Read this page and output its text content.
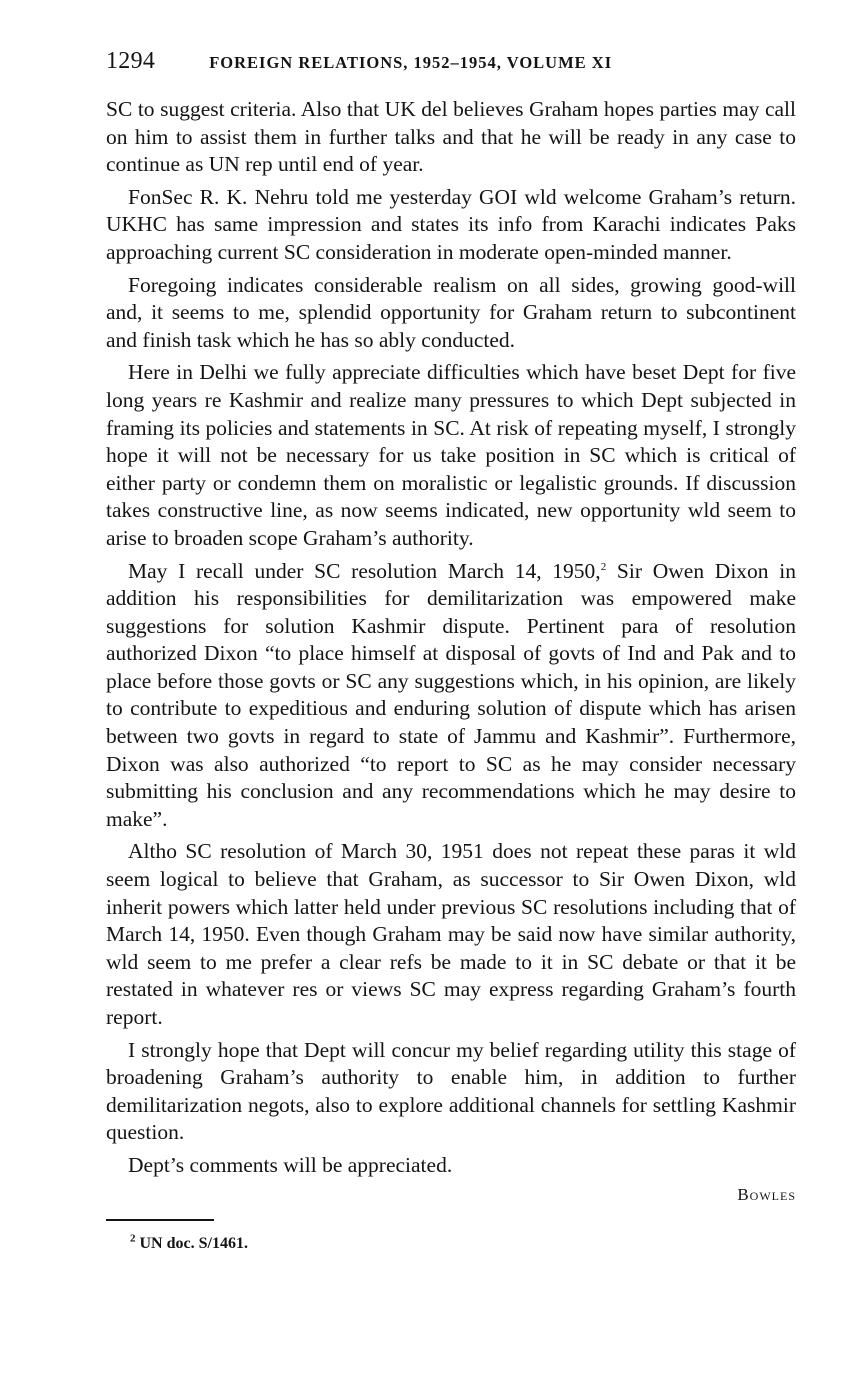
1294	FOREIGN RELATIONS, 1952–1954, VOLUME XI

SC to suggest criteria. Also that UK del believes Graham hopes parties may call on him to assist them in further talks and that he will be ready in any case to continue as UN rep until end of year.

FonSec R. K. Nehru told me yesterday GOI wld welcome Graham’s return. UKHC has same impression and states its info from Karachi indicates Paks approaching current SC consideration in moderate open-minded manner.

Foregoing indicates considerable realism on all sides, growing good-will and, it seems to me, splendid opportunity for Graham return to subcontinent and finish task which he has so ably conducted.

Here in Delhi we fully appreciate difficulties which have beset Dept for five long years re Kashmir and realize many pressures to which Dept subjected in framing its policies and statements in SC. At risk of repeating myself, I strongly hope it will not be necessary for us take position in SC which is critical of either party or condemn them on moralistic or legalistic grounds. If discussion takes constructive line, as now seems indicated, new opportunity wld seem to arise to broaden scope Graham’s authority.

May I recall under SC resolution March 14, 1950,$^2$ Sir Owen Dixon in addition his responsibilities for demilitarization was empowered make suggestions for solution Kashmir dispute. Pertinent para of resolution authorized Dixon “to place himself at disposal of govts of Ind and Pak and to place before those govts or SC any suggestions which, in his opinion, are likely to contribute to expeditious and enduring solution of dispute which has arisen between two govts in regard to state of Jammu and Kashmir”. Furthermore, Dixon was also authorized “to report to SC as he may consider necessary submitting his conclusion and any recommendations which he may desire to make”.

Altho SC resolution of March 30, 1951 does not repeat these paras it wld seem logical to believe that Graham, as successor to Sir Owen Dixon, wld inherit powers which latter held under previous SC resolutions including that of March 14, 1950. Even though Graham may be said now have similar authority, wld seem to me prefer a clear refs be made to it in SC debate or that it be restated in whatever res or views SC may express regarding Graham’s fourth report.

I strongly hope that Dept will concur my belief regarding utility this stage of broadening Graham’s authority to enable him, in addition to further demilitarization negots, also to explore additional channels for settling Kashmir question.

Dept’s comments will be appreciated.

Bowles
$^2$ UN doc. S/1461.
